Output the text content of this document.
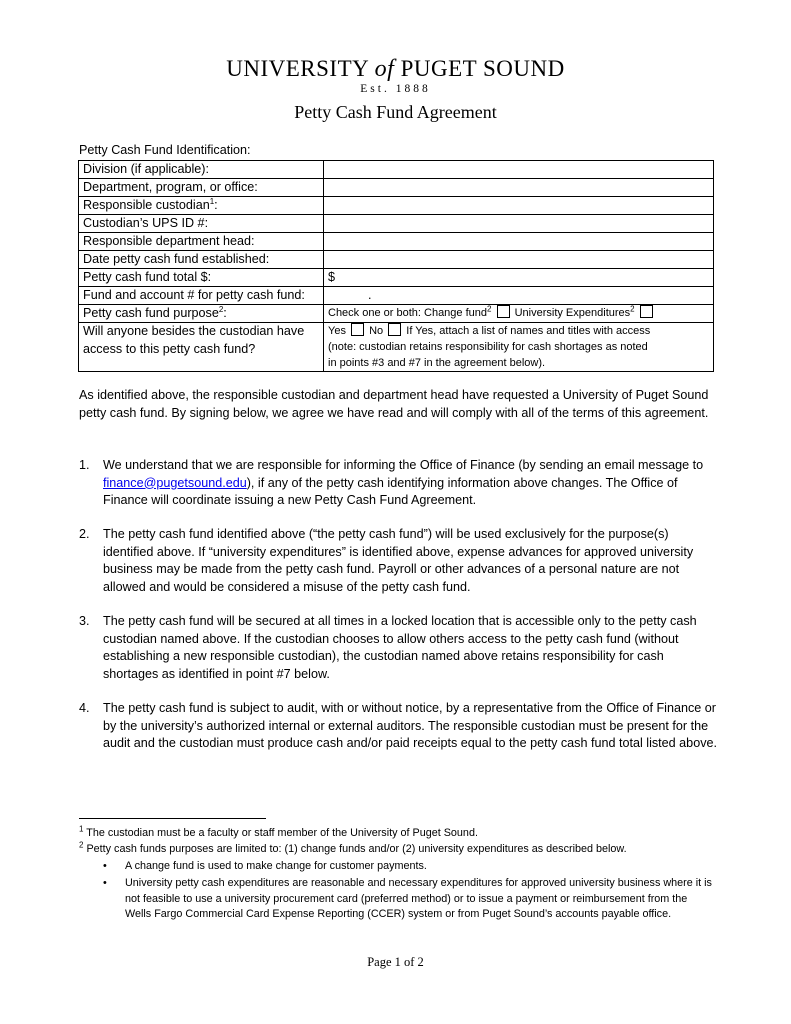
UNIVERSITY of PUGET SOUND
Est. 1888
Petty Cash Fund Agreement
Petty Cash Fund Identification:
Division (if applicable):	
Department, program, or office:	
Responsible custodian$^1$:	
Custodian’s UPS ID #:	
Responsible department head:	
Date petty cash fund established:	
Petty cash fund total $:	$
Fund and account # for petty cash fund:	.
Petty cash fund purpose$^2$:	Check one or both: Change fund$^2$ University Expenditures$^2$
Will anyone besides the custodian have access to this petty cash fund?	Yes No If Yes, attach a list of names and titles with access
(note: custodian retains responsibility for cash shortages as noted
in points #3 and #7 in the agreement below).
As identified above, the responsible custodian and department head have requested a University of Puget Sound petty cash fund. By signing below, we agree we have read and will comply with all of the terms of this agreement.
1.	We understand that we are responsible for informing the Office of Finance (by sending an email message to finance@pugetsound.edu), if any of the petty cash identifying information above changes. The Office of Finance will coordinate issuing a new Petty Cash Fund Agreement.
2.	The petty cash fund identified above (“the petty cash fund”) will be used exclusively for the purpose(s) identified above. If “university expenditures” is identified above, expense advances for approved university business may be made from the petty cash fund. Payroll or other advances of a personal nature are not allowed and would be considered a misuse of the petty cash fund.
3.	The petty cash fund will be secured at all times in a locked location that is accessible only to the petty cash custodian named above. If the custodian chooses to allow others access to the petty cash fund (without establishing a new responsible custodian), the custodian named above retains responsibility for cash shortages as identified in point #7 below.
4.	The petty cash fund is subject to audit, with or without notice, by a representative from the Office of Finance or by the university’s authorized internal or external auditors. The responsible custodian must be present for the audit and the custodian must produce cash and/or paid receipts equal to the petty cash fund total listed above.
$^1$ The custodian must be a faculty or staff member of the University of Puget Sound.
$^2$ Petty cash funds purposes are limited to: (1) change funds and/or (2) university expenditures as described below.
• A change fund is used to make change for customer payments.
• University petty cash expenditures are reasonable and necessary expenditures for approved university business where it is not feasible to use a university procurement card (preferred method) or to issue a payment or reimbursement from the Wells Fargo Commercial Card Expense Reporting (CCER) system or from Puget Sound’s accounts payable office.
Page 1 of 2
